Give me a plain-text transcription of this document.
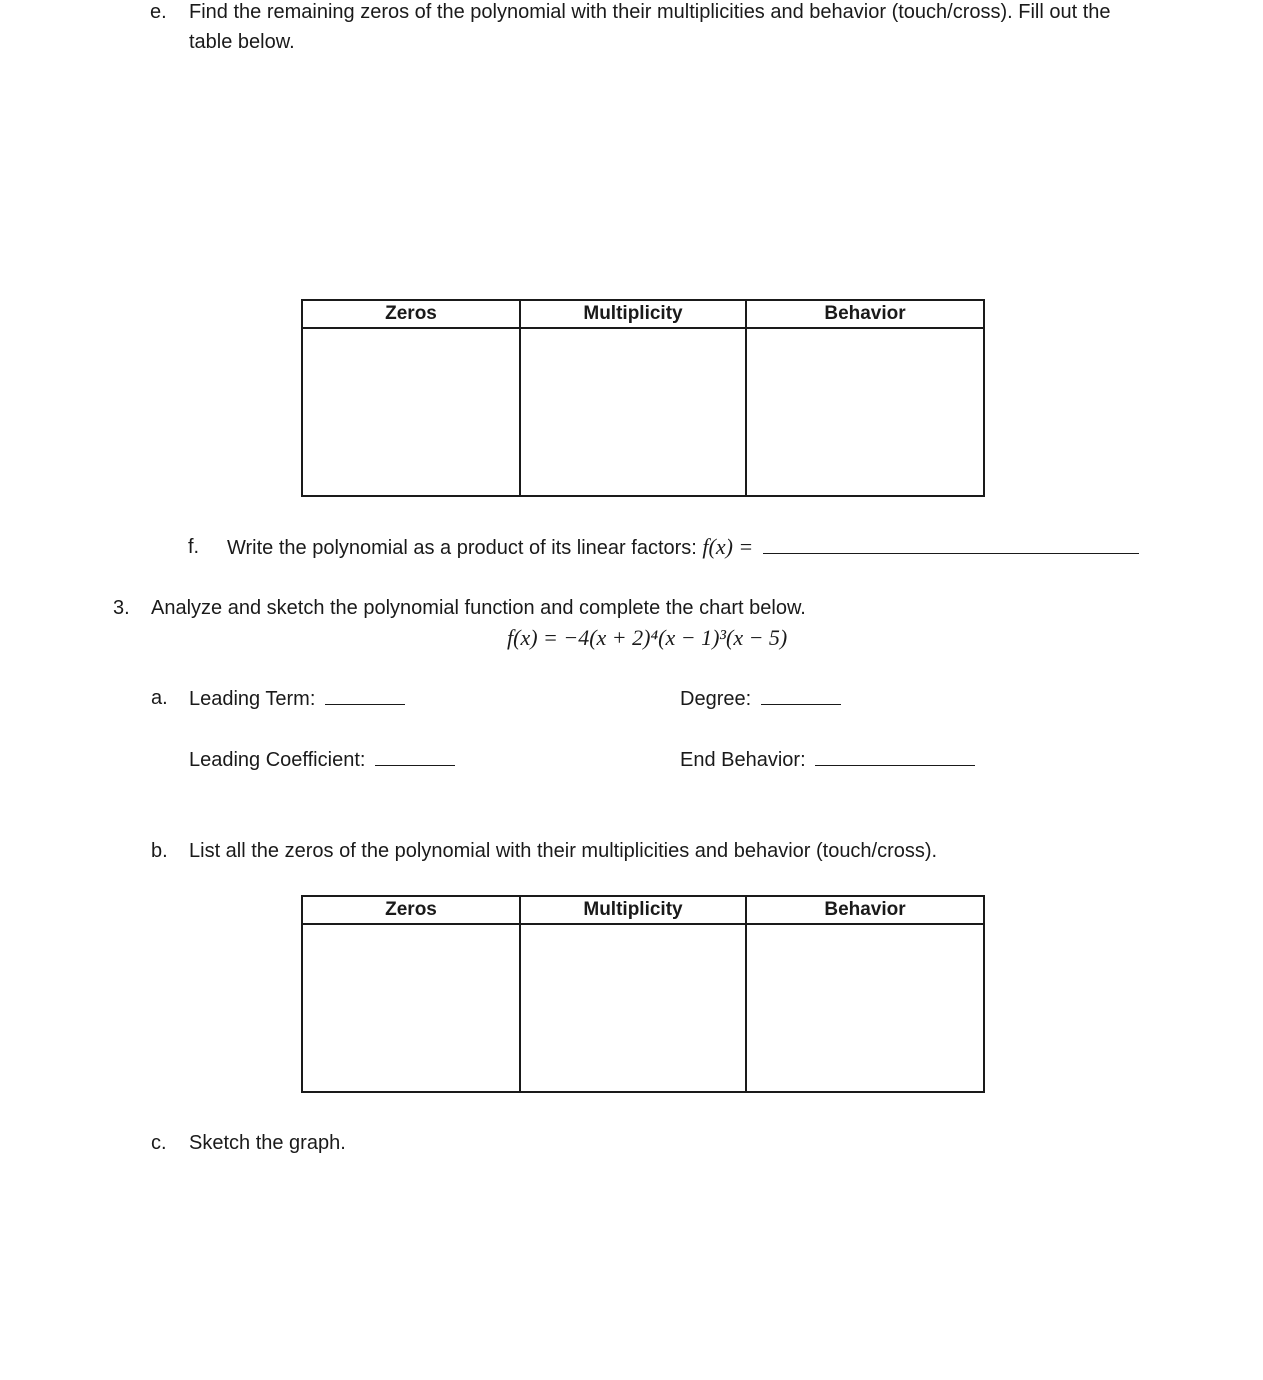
e. Find the remaining zeros of the polynomial with their multiplicities and behavior (touch/cross). Fill out the
table below.
Zeros	Multiplicity	Behavior

f. Write the polynomial as a product of its linear factors: f(x) =
3. Analyze and sketch the polynomial function and complete the chart below.
f(x) = −4(x + 2)⁴(x − 1)³(x − 5)
a. Leading Term:	Degree:
Leading Coefficient:	End Behavior:
b. List all the zeros of the polynomial with their multiplicities and behavior (touch/cross).
Zeros	Multiplicity	Behavior

c. Sketch the graph.
